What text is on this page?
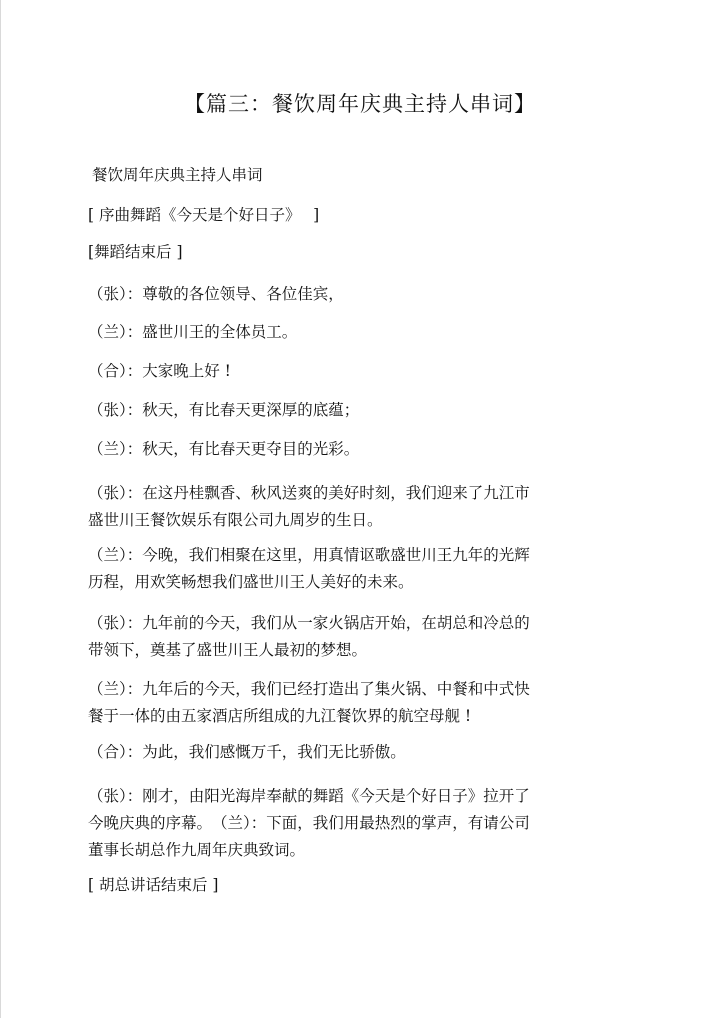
【篇三：餐饮周年庆典主持人串词】
餐饮周年庆典主持人串词
[ 序曲舞蹈《今天是个好日子》　 ]
[舞蹈结束后 ]
（张）：尊敬的各位领导、各位佳宾，
（兰）：盛世川王的全体员工。
（合）：大家晚上好 !
（张）：秋天，有比春天更深厚的底蕴；
（兰）：秋天，有比春天更夺目的光彩。
（张）：在这丹桂飘香、秋风送爽的美好时刻，我们迎来了九江市
盛世川王餐饮娱乐有限公司九周岁的生日。
（兰）：今晚，我们相聚在这里，用真情讴歌盛世川王九年的光辉
历程，用欢笑畅想我们盛世川王人美好的未来。
（张）：九年前的今天，我们从一家火锅店开始，在胡总和冷总的
带领下，奠基了盛世川王人最初的梦想。
（兰）：九年后的今天，我们已经打造出了集火锅、中餐和中式快
餐于一体的由五家酒店所组成的九江餐饮界的航空母舰 !
（合）：为此，我们感慨万千，我们无比骄傲。
（张）：刚才，由阳光海岸奉献的舞蹈《今天是个好日子》拉开了
今晚庆典的序幕。　（兰）：下面，我们用最热烈的掌声，有请公司
董事长胡总作九周年庆典致词。
[ 胡总讲话结束后 ]
